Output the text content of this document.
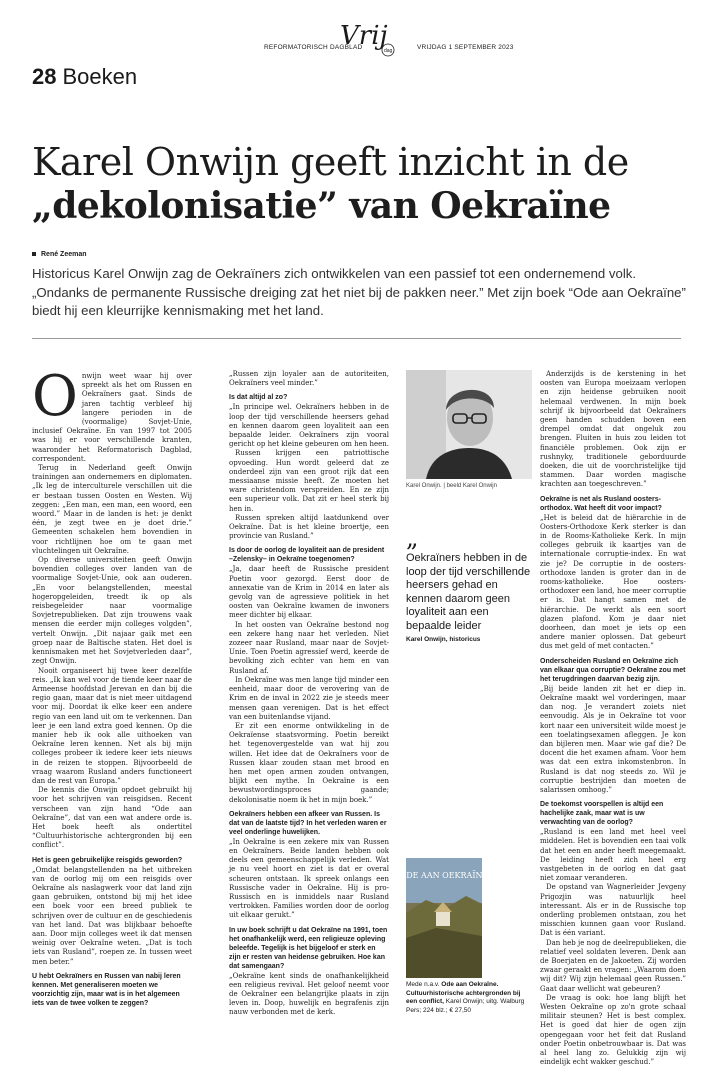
REFORMATORISCH DAGBLAD
Vrij
dag	VRIJDAG 1 SEPTEMBER 2023
28 Boeken
Karel Onwijn geeft inzicht in de
„dekolonisatie” van Oekraïne
René Zeeman
Historicus Karel Onwijn zag de Oekraïners zich ontwikkelen van een passief tot een ondernemend volk. „Ondanks de permanente Russische dreiging zat het niet bij de pakken neer.” Met zijn boek “Ode aan Oekraïne” biedt hij een kleurrijke kennismaking met het land.

Onwijn weet waar hij over spreekt als het om Russen en Oekraïners gaat. Sinds de jaren tachtig verbleef hij langere perioden in de (voormalige) Sovjet-Unie, inclusief Oekraïne. En van 1997 tot 2005 was hij er voor verschillende kranten, waaronder het Reformatorisch Dagblad, correspondent.

Terug in Nederland geeft Onwijn trainingen aan ondernemers en diplomaten. „Ik leg de interculturele verschillen uit die er bestaan tussen Oosten en Westen. Wij zeggen: „Een man, een man, een woord, een woord.” Maar in de landen is het: je denkt één, je zegt twee en je doet drie.” Gemeenten schakelen hem bovendien in voor richtlijnen hoe om te gaan met vluchtelingen uit Oekraïne.

Op diverse universiteiten geeft Onwijn bovendien colleges over landen van de voormalige Sovjet-Unie, ook aan ouderen. „En voor belangstellenden, meestal hogeropgeleiden, treedt ik op als reisbegeleider naar voormalige Sovjetrepublieken. Dat zijn trouwens vaak mensen die eerder mijn colleges volgden”, vertelt Onwijn. „Dit najaar gaik met een groep naar de Baltische staten. Het doel is kennismaken met het Sovjetverleden daar”, zegt Onwijn.

Nooit organiseert hij twee keer dezelfde reis. „Ik kan wel voor de tiende keer naar de Armeense hoofdstad Jerevan en dan bij die regio gaan, maar dat is niet meer uitdagend voor mij. Doordat ik elke keer een andere regio van een land uit om te verkennen. Dan leer je een land extra goed kennen. Op die manier heb ik ook alle uithoeken van Oekraïne leren kennen. Net als bij mijn colleges probeer ik iedere keer iets nieuws in de reizen te stoppen. Bijvoorbeeld de vraag waarom Rusland anders functioneert dan de rest van Europa.”

De kennis die Onwijn opdoet gebruikt hij voor het schrijven van reisgidsen. Recent verscheen van zijn hand “Ode aan Oekraïne”, dat van een wat andere orde is. Het boek heeft als ondertitel “Cultuurhistorische achtergronden bij een conflict”.

Het is geen gebruikelijke reisgids geworden?

„Omdat belangstellenden na het uitbreken van de oorlog mij om een reisgids over Oekraïne als naslagwerk voor dat land zijn gaan gebruiken, ontstond bij mij het idee een boek voor een breed publiek te schrijven over de cultuur en de geschiedenis van het land. Dat was blijkbaar behoefte aan. Door mijn colleges weet ik dat mensen weinig over Oekraïne weten. „Dat is toch iets van Rusland”, roepen ze. In tussen weet men beter.”

U hebt Oekraïners en Russen van nabij leren kennen. Met generaliseren moeten we voorzichtig zijn, maar wat is in het algemeen iets van de twee volken te zeggen?

„Russen zijn loyaler aan de autoriteiten, Oekraïners veel minder.”

Is dat altijd al zo?

„In principe wel. Oekraïners hebben in de loop der tijd verschillende heersers gehad en kennen daarom geen loyaliteit aan een bepaalde leider. Oekraïners zijn vooral gericht op het kleine gebeuren om hen heen.

Russen krijgen een patriottische opvoeding. Hun wordt geleerd dat ze onderdeel zijn van een groot rijk dat een messiaanse missie heeft. Ze moeten het ware christendom verspreiden. En ze zijn een superieur volk. Dat zit er heel sterk bij hen in.

Russen spreken altijd laatdunkend over Oekraïne. Dat is het kleine broertje, een provincie van Rusland.”

Is door de oorlog de loyaliteit aan de president –Zelensky– in Oekraïne toegenomen?

„Ja, daar heeft de Russische president Poetin voor gezorgd. Eerst door de annexatie van de Krim in 2014 en later als gevolg van de agressieve politiek in het oosten van Oekraïne kwamen de inwoners meer dichter bij elkaar.

In het oosten van Oekraïne bestond nog een zekere hang naar het verleden. Niet zozeer naar Rusland, maar naar de Sovjet-Unie. Toen Poetin agressief werd, keerde de bevolking zich echter van hem en van Rusland af.

In Oekraïne was men lange tijd minder een eenheid, maar door de verovering van de Krim en de inval in 2022 zie je steeds meer mensen gaan verenigen. Dat is het effect van een buitenlandse vijand.

Er zit een enorme ontwikkeling in de Oekraïense staatsvorming. Poetin bereikt het tegenovergestelde van wat hij zou willen. Het idee dat de Oekraïners voor de Russen klaar zouden staan met brood en hen met open armen zouden ontvangen, blijkt een mythe. In Oekraïne is een bewustwordingsproces gaande; dekolonisatie noem ik het in mijn boek.”

Oekraïners hebben een afkeer van Russen. Is dat van de laatste tijd? In het verleden waren er veel onderlinge huwelijken.

„In Oekraïne is een zekere mix van Russen en Oekraïners. Beide landen hebben ook deels een gemeenschappelijk verleden. Wat je nu veel hoort en ziet is dat er overal scheuren ontstaan. Ik spreek onlangs een Russische vader in Oekraïne. Hij is pro-Russisch en is inmiddels naar Rusland vertrokken. Families worden door de oorlog uit elkaar gerukt.”

In uw boek schrijft u dat Oekraïne na 1991, toen het onafhankelijk werd, een religieuze opleving beleefde. Tegelijk is het bijgeloof er sterk en zijn er resten van heidense gebruiken. Hoe kan dat samengaan?

„Oekraïne kent sinds de onafhankelijkheid een religieus revival. Het geloof neemt voor de Oekraïner een belangrijke plaats in zijn leven in. Doop, huwelijk en begrafenis zijn nauw verbonden met de kerk.

Karel Onwijn. | beeld Karel Onwijn
„
Oekraïners hebben in de loop der tijd verschillende heersers gehad en kennen daarom geen loyaliteit aan een bepaalde leider
Karel Onwijn, historicus
ODE AAN OEKRAÏNE
Mede n.a.v. Ode aan Oekraïne. Cultuurhistorische achtergronden bij een conflict, Karel Onwijn; uitg. Walburg Pers; 224 blz.; € 27,50

Anderzijds is de kerstening in het oosten van Europa moeizaam verlopen en zijn heidense gebruiken nooit helemaal verdwenen. In mijn boek schrijf ik bijvoorbeeld dat Oekraïners geen handen schudden boven een drempel omdat dat ongeluk zou brengen. Fluiten in huis zou leiden tot financiële problemen. Ook zijn er rushnyky, traditionele geborduurde doeken, die uit de voorchristelijke tijd stammen. Daar worden magische krachten aan toegeschreven.”

Oekraïne is net als Rusland oosters-orthodox. Wat heeft dit voor impact?

„Het is beleid dat de hiërarchie in de Oosters-Orthodoxe Kerk sterker is dan in de Rooms-Katholieke Kerk. In mijn colleges gebruik ik kaartjes van de internationale corruptie-index. En wat zie je? De corruptie in de oosters-orthodoxe landen is groter dan in de rooms-katholieke. Hoe oosters-orthodoxer een land, hoe meer corruptie er is. Dat hangt samen met de hiërarchie. De werkt als een soort glazen plafond. Kom je daar niet doorheen, dan moet je iets op een andere manier oplossen. Dat gebeurt dus met geld of met contacten.”

Onderscheiden Rusland en Oekraïne zich van elkaar qua corruptie? Oekraïne zou met het terugdringen daarvan bezig zijn.

„Bij beide landen zit het er diep in. Oekraïne maakt wel vorderingen, maar dan nog. Je verandert zoiets niet eenvoudig. Als je in Oekraïne tot voor kort naar een universiteit wilde moest je een toelatingsexamen afleggen. Je kon dan bijleren men. Maar wie gaf die? De docent die het examen afnam. Voor hem was dat een extra inkomstenbron. In Rusland is dat nog steeds zo. Wil je corruptie bestrijden dan moeten de salarissen omhoog.”

De toekomst voorspellen is altijd een hachelijke zaak, maar wat is uw verwachting van de oorlog?

„Rusland is een land met heel veel middelen. Het is bovendien een taai volk dat het een en ander heeft meegemaakt. De leiding heeft zich heel erg vastgebeten in de oorlog en dat gaat niet zomaar veranderen.

De opstand van Wagnerleider Jevgeny Prigozjin was natuurlijk heel interessant. Als er in de Russische top onderling problemen ontstaan, zou het misschien kunnen gaan voor Rusland. Dat is één variant.

Dan heb je nog de deelrepublieken, die relatief veel soldaten leveren. Denk aan de Boerjaten en de Jakoeten. Zij worden zwaar geraakt en vragen: „Waarom doen wij dit? Wij zijn helemaal geen Russen.” Gaat daar wellicht wat gebeuren?

De vraag is ook: hoe lang blijft het Westen Oekraïne op zo'n grote schaal militair steunen? Het is best complex. Het is goed dat hier de ogen zijn opengegaan voor het feit dat Rusland onder Poetin onbetrouwbaar is. Dat was al heel lang zo. Gelukkig zijn wij eindelijk echt wakker geschud.”
